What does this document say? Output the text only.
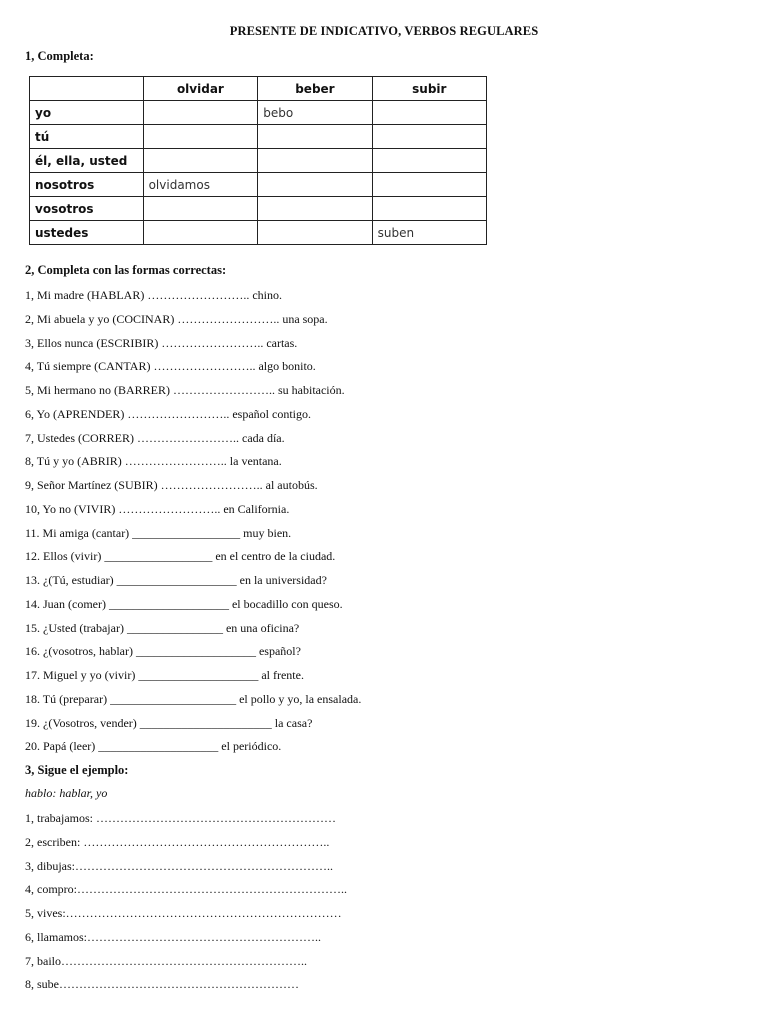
PRESENTE DE INDICATIVO, VERBOS REGULARES
1, Completa:
	olvidar	beber	subir
yo		bebo	
tú			
él, ella, usted			
nosotros	olvidamos		
vosotros			
ustedes			suben
2, Completa con las formas correctas:
1, Mi madre (HABLAR) …………………….. chino.
2, Mi abuela y yo (COCINAR) …………………….. una sopa.
3, Ellos nunca (ESCRIBIR) …………………….. cartas.
4, Tú siempre (CANTAR) …………………….. algo bonito.
5, Mi hermano no (BARRER) …………………….. su habitación.
6, Yo (APRENDER) …………………….. español contigo.
7, Ustedes (CORRER) …………………….. cada día.
8, Tú y yo (ABRIR) …………………….. la ventana.
9, Señor Martínez (SUBIR) …………………….. al autobús.
10, Yo no (VIVIR) …………………….. en California.
11. Mi amiga (cantar) __________________ muy bien.
12. Ellos (vivir) __________________ en el centro de la ciudad.
13. ¿(Tú, estudiar) ____________________ en la universidad?
14. Juan (comer) ____________________ el bocadillo con queso.
15. ¿Usted (trabajar) ________________ en una oficina?
16. ¿(vosotros, hablar) ____________________ español?
17. Miguel y yo (vivir) ____________________ al frente.
18. Tú (preparar) _____________________ el pollo y yo, la ensalada.
19. ¿(Vosotros, vender) ______________________ la casa?
20. Papá (leer) ____________________ el periódico.
3, Sigue el ejemplo:
hablo: hablar, yo
1, trabajamos: ……………………………………………………
2, escriben: ……………………………………………………..
3, dibujas:………………………………………………………..
4, compro:…………………………………………………………..
5, vives:……………………………………………………………
6, llamamos:…………………………………………………..
7, bailo……………………………………………………..
8, sube……………………………………………………
